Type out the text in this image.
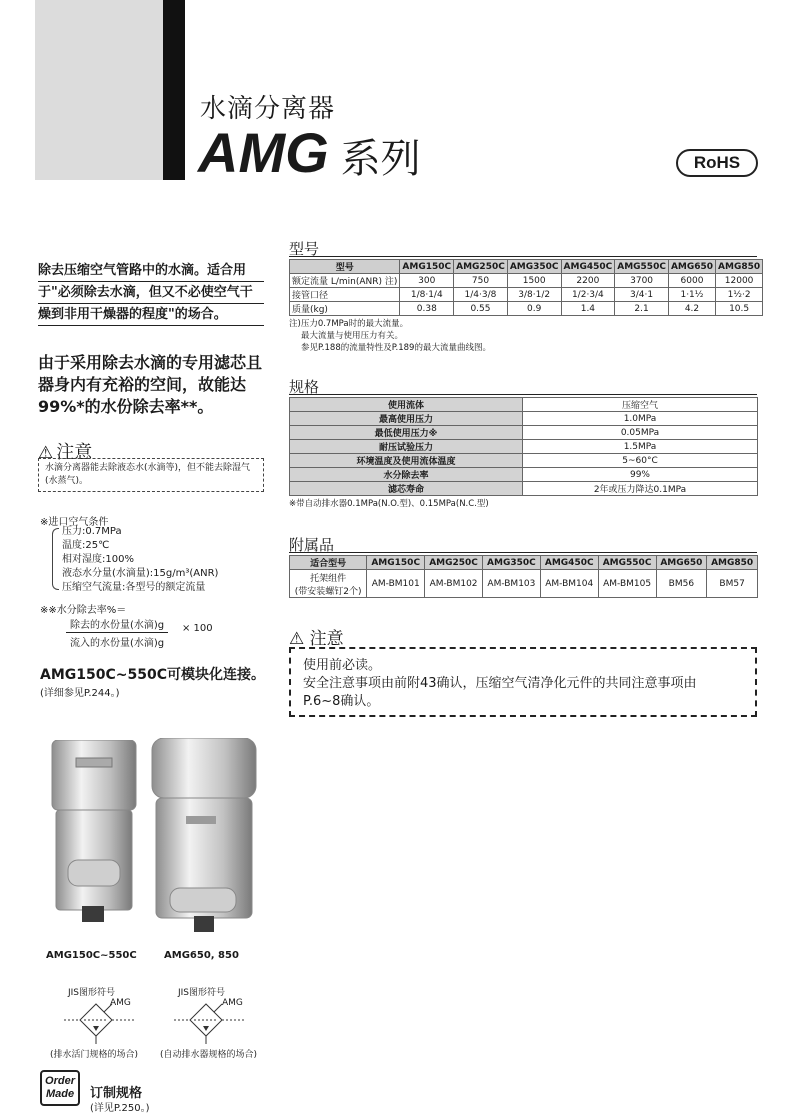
水滴分离器
AMG 系列	RoHS
除去压缩空气管路中的水滴。适合用
于"必须除去水滴，但又不必使空气干
燥到非用干燥器的程度"的场合。
由于采用除去水滴的专用滤芯且器身内有充裕的空间，故能达99%*的水份除去率**。
⚠ 注意
水滴分离器能去除液态水(水滴等)，但不能去除湿气(水蒸气)。
※进口空气条件
压力:0.7MPa
温度:25℃
相对湿度:100%
液态水分量(水滴量):15g/m³(ANR)
压缩空气流量:各型号的额定流量
※※水分除去率%＝
除去的水份量(水滴)g
流入的水份量(水滴)g
× 100
AMG150C~550C可模块化连接。
(详细参见P.244。)
AMG150C~550C	AMG650, 850
JIS图形符号
AMG
(排水活门规格的场合)
JIS图形符号
AMG
(自动排水器规格的场合)
Order
Made	订制规格
(详见P.250。)
型号
型号	AMG150C	AMG250C	AMG350C	AMG450C	AMG550C	AMG650	AMG850
额定流量 L/min(ANR) 注)	300	750	1500	2200	3700	6000	12000
接管口径	1/8·1/4	1/4·3/8	3/8·1/2	1/2·3/4	3/4·1	1·1½	1½·2
质量(kg)	0.38	0.55	0.9	1.4	2.1	4.2	10.5
注)压力0.7MPa时的最大流量。
最大流量与使用压力有关。
参见P.188的流量特性及P.189的最大流量曲线图。
规格
使用流体	压缩空气
最高使用压力	1.0MPa
最低使用压力※	0.05MPa
耐压试验压力	1.5MPa
环境温度及使用流体温度	5~60°C
水分除去率	99%
滤芯寿命	2年或压力降达0.1MPa
※带自动排水器0.1MPa(N.O.型)、0.15MPa(N.C.型)
附属品
适合型号	AMG150C	AMG250C	AMG350C	AMG450C	AMG550C	AMG650	AMG850

托架组件
(带安装螺钉2个)	AM-BM101	AM-BM102	AM-BM103	AM-BM104	AM-BM105	BM56	BM57
⚠ 注意
使用前必读。
安全注意事项由前附43确认，压缩空气清净化元件的共同注意事项由
P.6~8确认。
